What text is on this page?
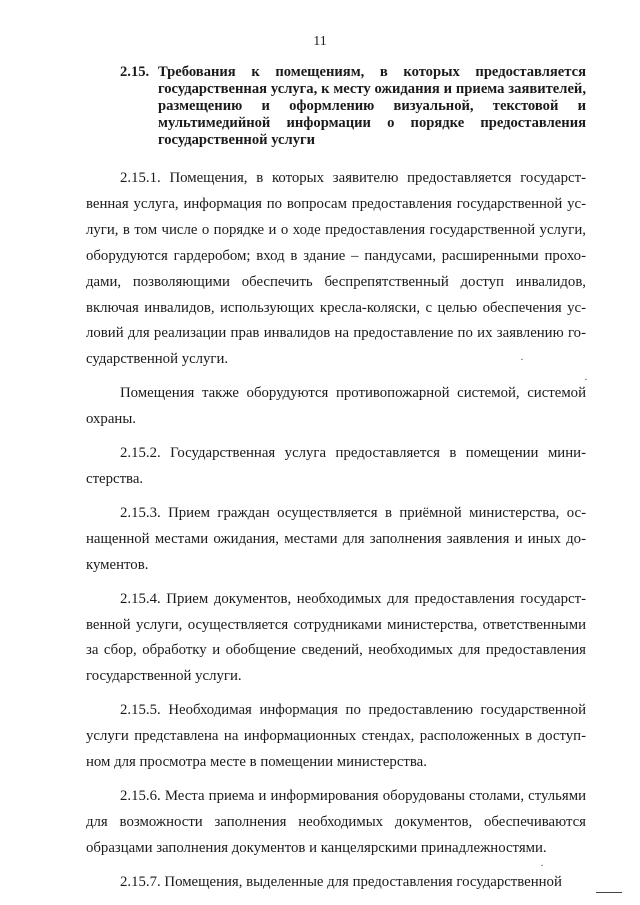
11
2.15. Требования к помещениям, в которых предоставляется государственная услуга, к месту ожидания и приема заявителей, размещению и оформлению визуальной, текстовой и мультимедийной информации о порядке предоставления государственной услуги

2.15.1. Помещения, в которых заявителю предоставляется государственная услуга, информация по вопросам предоставления государственной услуги, в том числе о порядке и о ходе предоставления государственной услуги, оборудуются гардеробом; вход в здание – пандусами, расширенными проходами, позволяющими обеспечить беспрепятственный доступ инвалидов, включая инвалидов, использующих кресла-коляски, с целью обеспечения условий для реализации прав инвалидов на предоставление по их заявлению государственной услуги.

Помещения также оборудуются противопожарной системой, системой охраны.

2.15.2. Государственная услуга предоставляется в помещении министерства.

2.15.3. Прием граждан осуществляется в приёмной министерства, оснащенной местами ожидания, местами для заполнения заявления и иных документов.

2.15.4. Прием документов, необходимых для предоставления государственной услуги, осуществляется сотрудниками министерства, ответственными за сбор, обработку и обобщение сведений, необходимых для предоставления государственной услуги.

2.15.5. Необходимая информация по предоставлению государственной услуги представлена на информационных стендах, расположенных в доступном для просмотра месте в помещении министерства.

2.15.6. Места приема и информирования оборудованы столами, стульями для возможности заполнения необходимых документов, обеспечиваются образцами заполнения документов и канцелярскими принадлежностями.

2.15.7. Помещения, выделенные для предоставления государственной

·
·
·
